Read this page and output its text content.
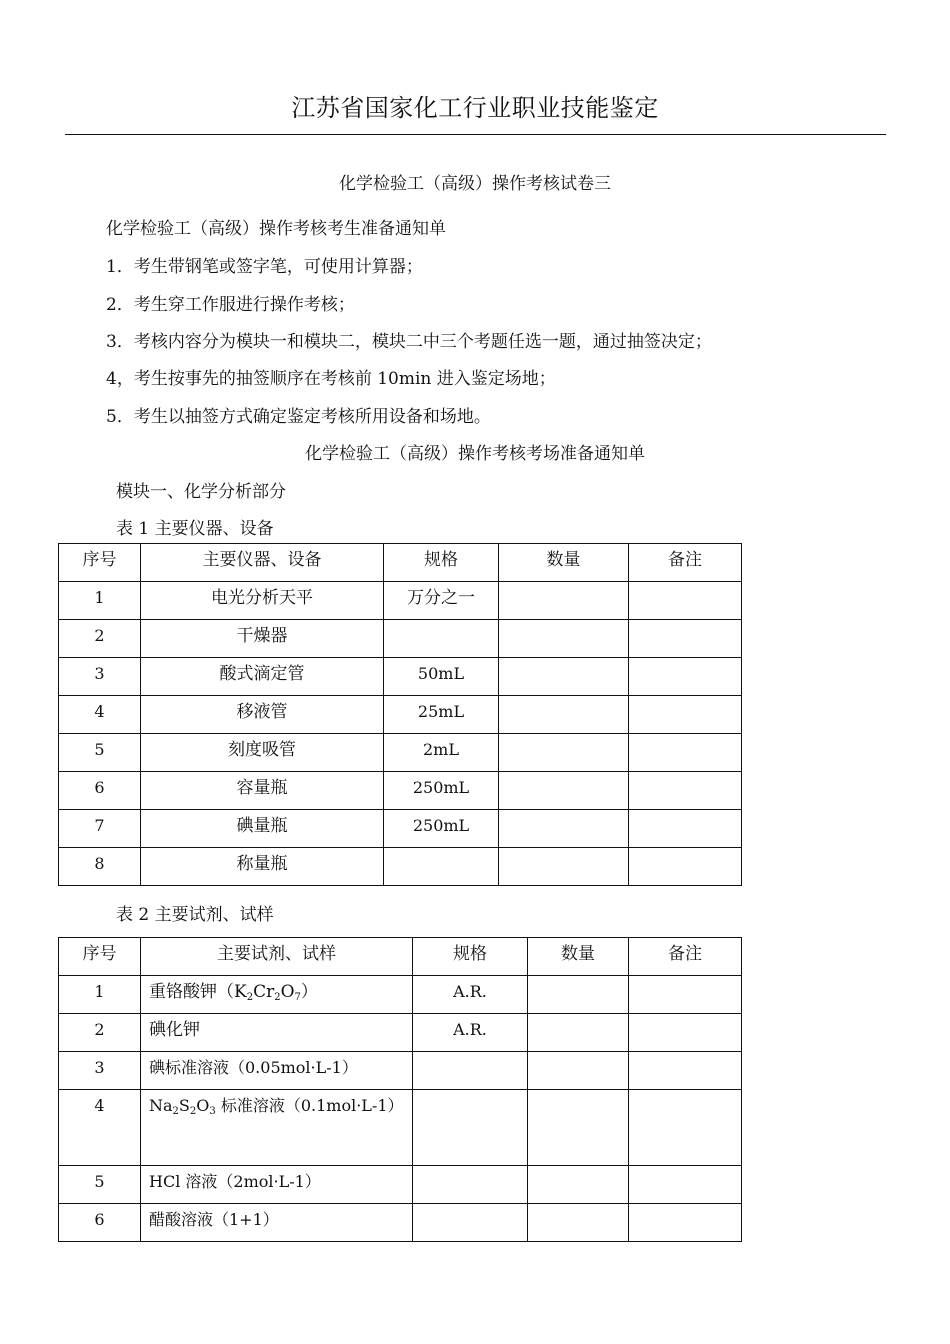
江苏省国家化工行业职业技能鉴定
化学检验工（高级）操作考核试卷三
化学检验工（高级）操作考核考生准备通知单
1．考生带钢笔或签字笔，可使用计算器；
2．考生穿工作服进行操作考核；
3．考核内容分为模块一和模块二，模块二中三个考题任选一题，通过抽签决定；
4，考生按事先的抽签顺序在考核前 10min 进入鉴定场地；
5．考生以抽签方式确定鉴定考核所用设备和场地。
化学检验工（高级）操作考核考场准备通知单
模块一、化学分析部分
表 1 主要仪器、设备
序号	主要仪器、设备	规格	数量	备注

1	电光分析天平	万分之一		

2	干燥器			

3	酸式滴定管	50mL		

4	移液管	25mL		

5	刻度吸管	2mL		

6	容量瓶	250mL		

7	碘量瓶	250mL		

8	称量瓶			

表 2 主要试剂、试样
序号	主要试剂、试样	规格	数量	备注

1	重铬酸钾$(K_2Cr_2O_7)$	A.R.		

2	碘化钾	A.R.		

3	碘标准溶液（0.05mol·L-1）			

4	$Na_2S_2O_3$ 标准溶液（0.1mol·L-1）			

5	HCl 溶液（2mol·L-1）			

6	醋酸溶液（1+1）			
